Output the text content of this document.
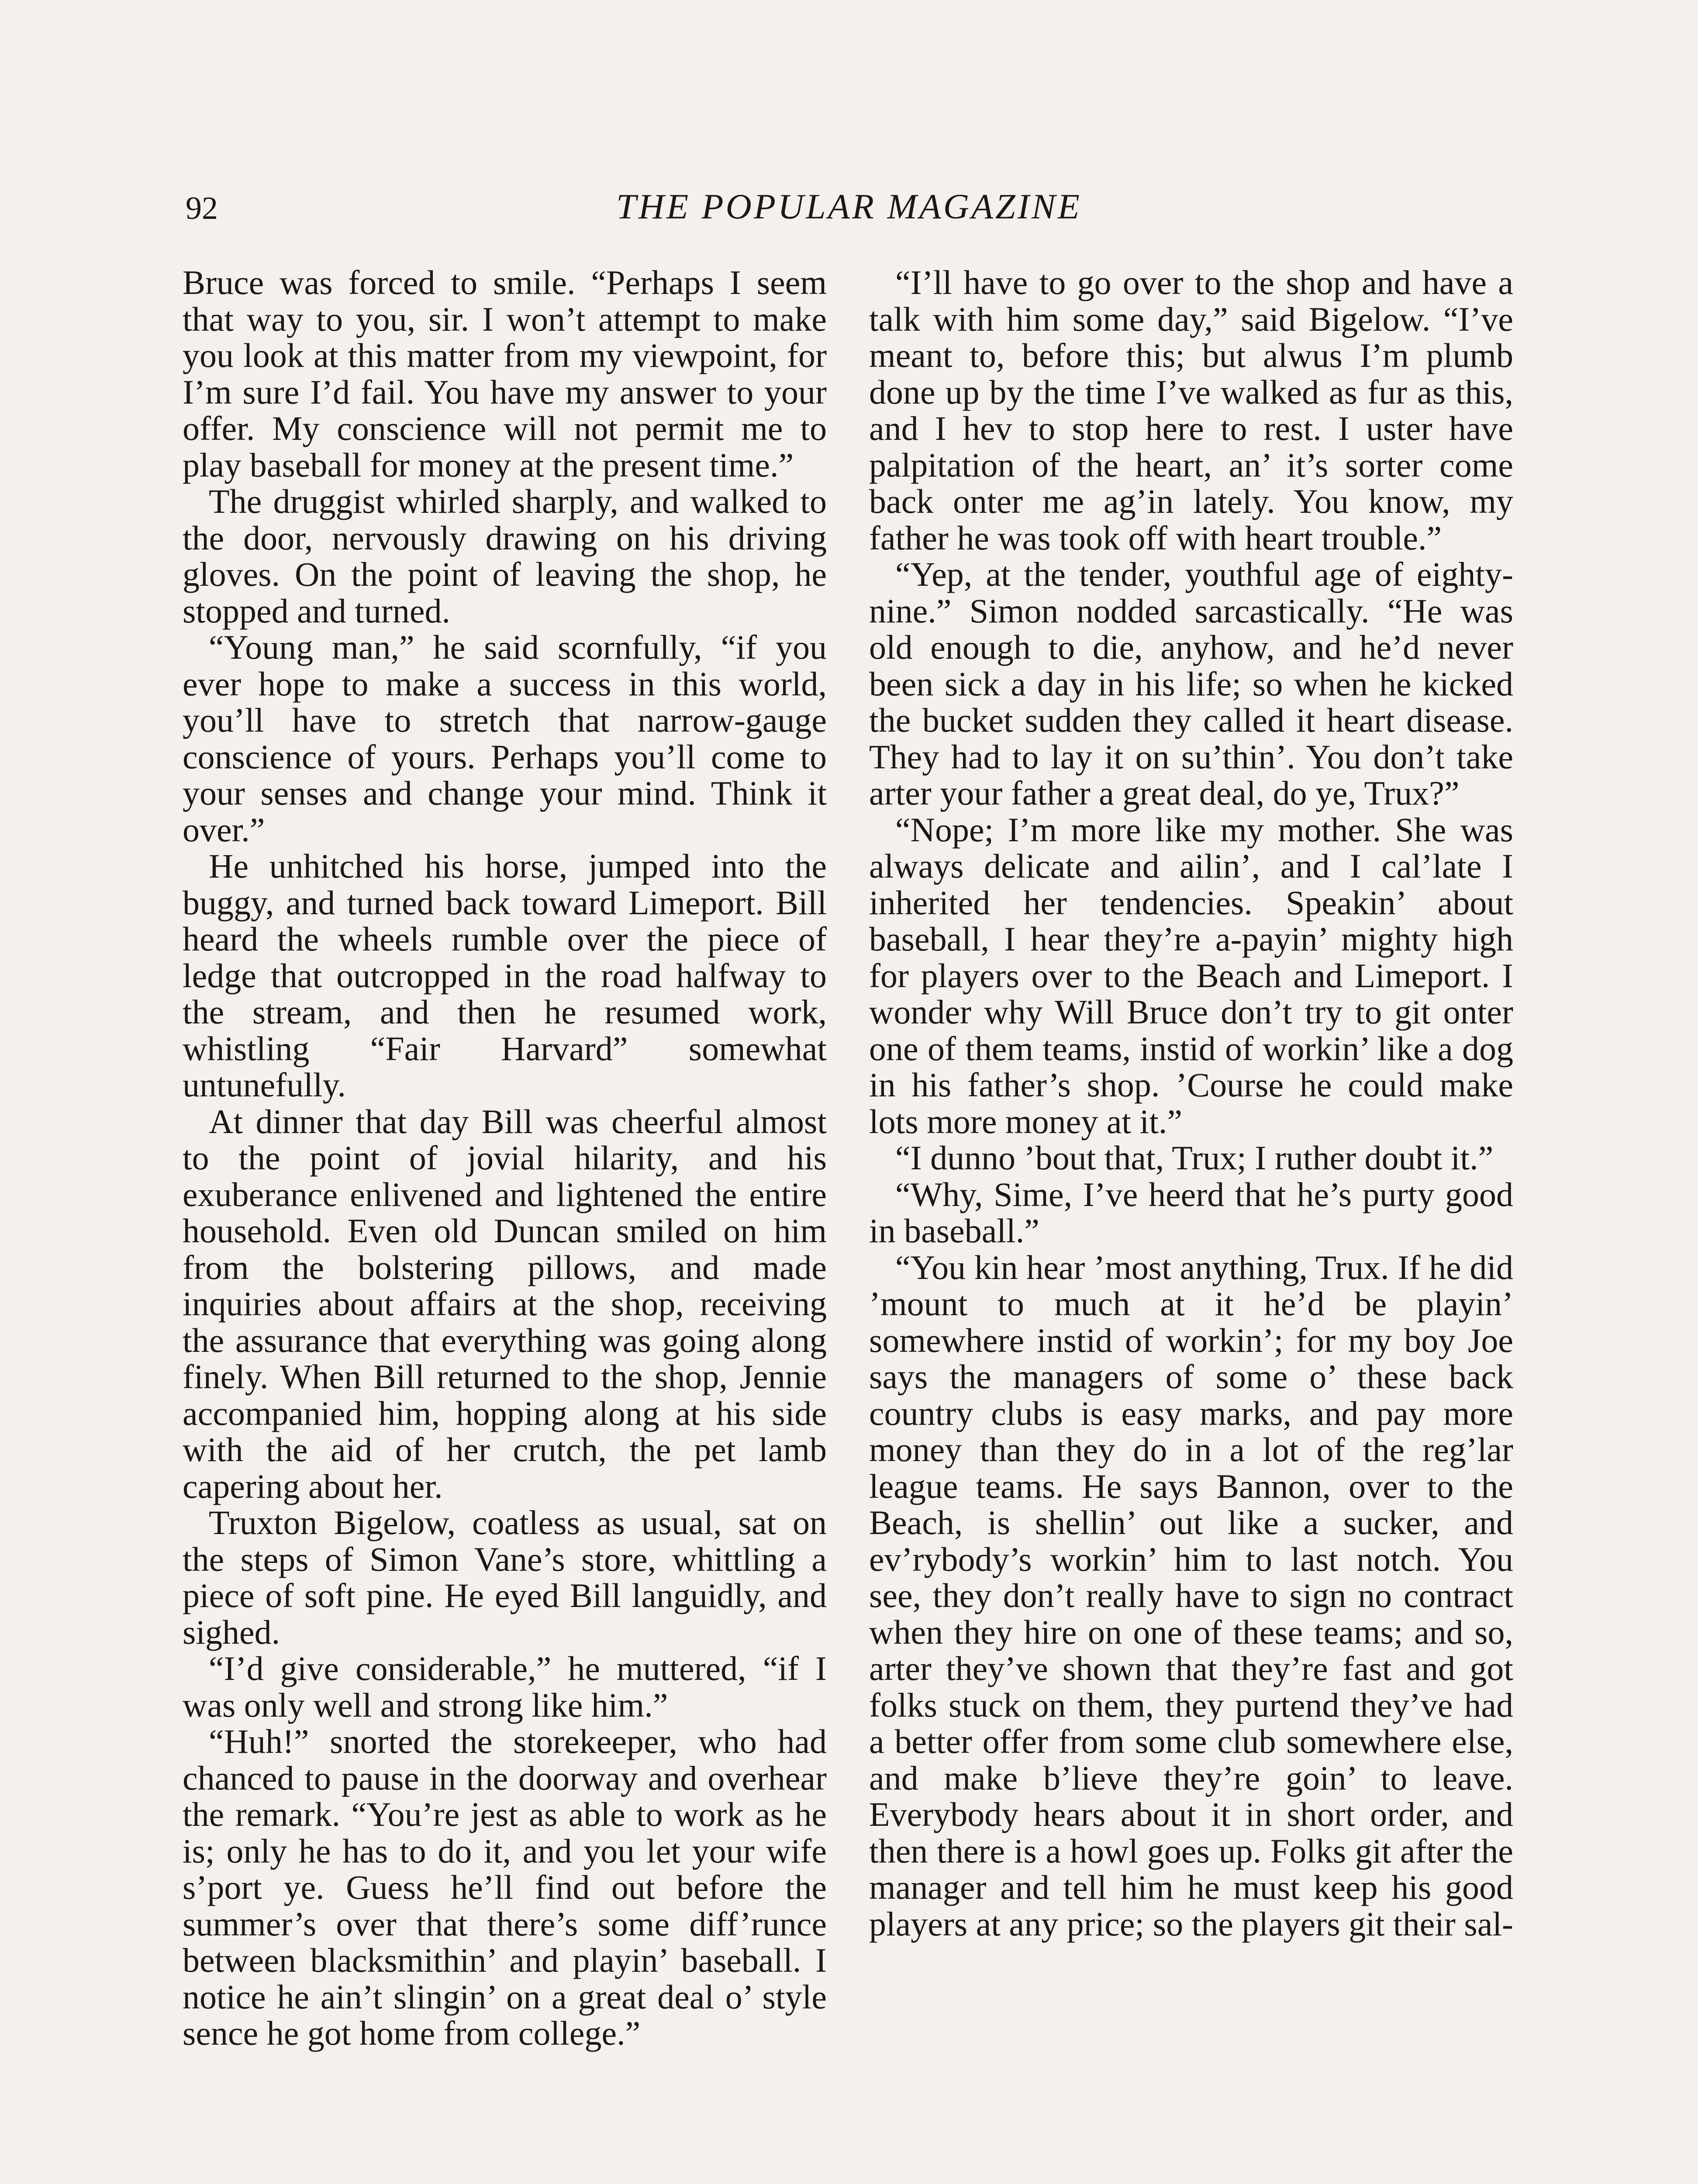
92	THE POPULAR MAGAZINE

Bruce was forced to smile. “Perhaps I seem that way to you, sir. I won’t attempt to make you look at this matter from my viewpoint, for I’m sure I’d fail. You have my answer to your offer. My conscience will not permit me to play baseball for money at the present time.”

The druggist whirled sharply, and walked to the door, nervously drawing on his driving gloves. On the point of leaving the shop, he stopped and turned.

“Young man,” he said scornfully, “if you ever hope to make a success in this world, you’ll have to stretch that narrow-gauge conscience of yours. Perhaps you’ll come to your senses and change your mind. Think it over.”

He unhitched his horse, jumped into the buggy, and turned back toward Limeport. Bill heard the wheels rumble over the piece of ledge that outcropped in the road halfway to the stream, and then he resumed work, whistling “Fair Harvard” somewhat untunefully.

At dinner that day Bill was cheerful almost to the point of jovial hilarity, and his exuberance enlivened and lightened the entire household. Even old Duncan smiled on him from the bolstering pillows, and made inquiries about affairs at the shop, receiving the assurance that everything was going along finely. When Bill returned to the shop, Jennie accompanied him, hopping along at his side with the aid of her crutch, the pet lamb capering about her.

Truxton Bigelow, coatless as usual, sat on the steps of Simon Vane’s store, whittling a piece of soft pine. He eyed Bill languidly, and sighed.

“I’d give considerable,” he muttered, “if I was only well and strong like him.”

“Huh!” snorted the storekeeper, who had chanced to pause in the doorway and overhear the remark. “You’re jest as able to work as he is; only he has to do it, and you let your wife s’port ye. Guess he’ll find out before the summer’s over that there’s some diff’runce between blacksmithin’ and playin’ baseball. I notice he ain’t slingin’ on a great deal o’ style sence he got home from college.”

“I’ll have to go over to the shop and have a talk with him some day,” said Bigelow. “I’ve meant to, before this; but alwus I’m plumb done up by the time I’ve walked as fur as this, and I hev to stop here to rest. I uster have palpitation of the heart, an’ it’s sorter come back onter me ag’in lately. You know, my father he was took off with heart trouble.”

“Yep, at the tender, youthful age of eighty-nine.” Simon nodded sarcastically. “He was old enough to die, anyhow, and he’d never been sick a day in his life; so when he kicked the bucket sudden they called it heart disease. They had to lay it on su’thin’. You don’t take arter your father a great deal, do ye, Trux?”

“Nope; I’m more like my mother. She was always delicate and ailin’, and I cal’late I inherited her tendencies. Speakin’ about baseball, I hear they’re a-payin’ mighty high for players over to the Beach and Limeport. I wonder why Will Bruce don’t try to git onter one of them teams, instid of workin’ like a dog in his father’s shop. ’Course he could make lots more money at it.”

“I dunno ’bout that, Trux; I ruther doubt it.”

“Why, Sime, I’ve heerd that he’s purty good in baseball.”

“You kin hear ’most anything, Trux. If he did ’mount to much at it he’d be playin’ somewhere instid of workin’; for my boy Joe says the managers of some o’ these back country clubs is easy marks, and pay more money than they do in a lot of the reg’lar league teams. He says Bannon, over to the Beach, is shellin’ out like a sucker, and ev’rybody’s workin’ him to last notch. You see, they don’t really have to sign no contract when they hire on one of these teams; and so, arter they’ve shown that they’re fast and got folks stuck on them, they purtend they’ve had a better offer from some club somewhere else, and make b’lieve they’re goin’ to leave. Everybody hears about it in short order, and then there is a howl goes up. Folks git after the manager and tell him he must keep his good players at any price; so the players git their sal-
